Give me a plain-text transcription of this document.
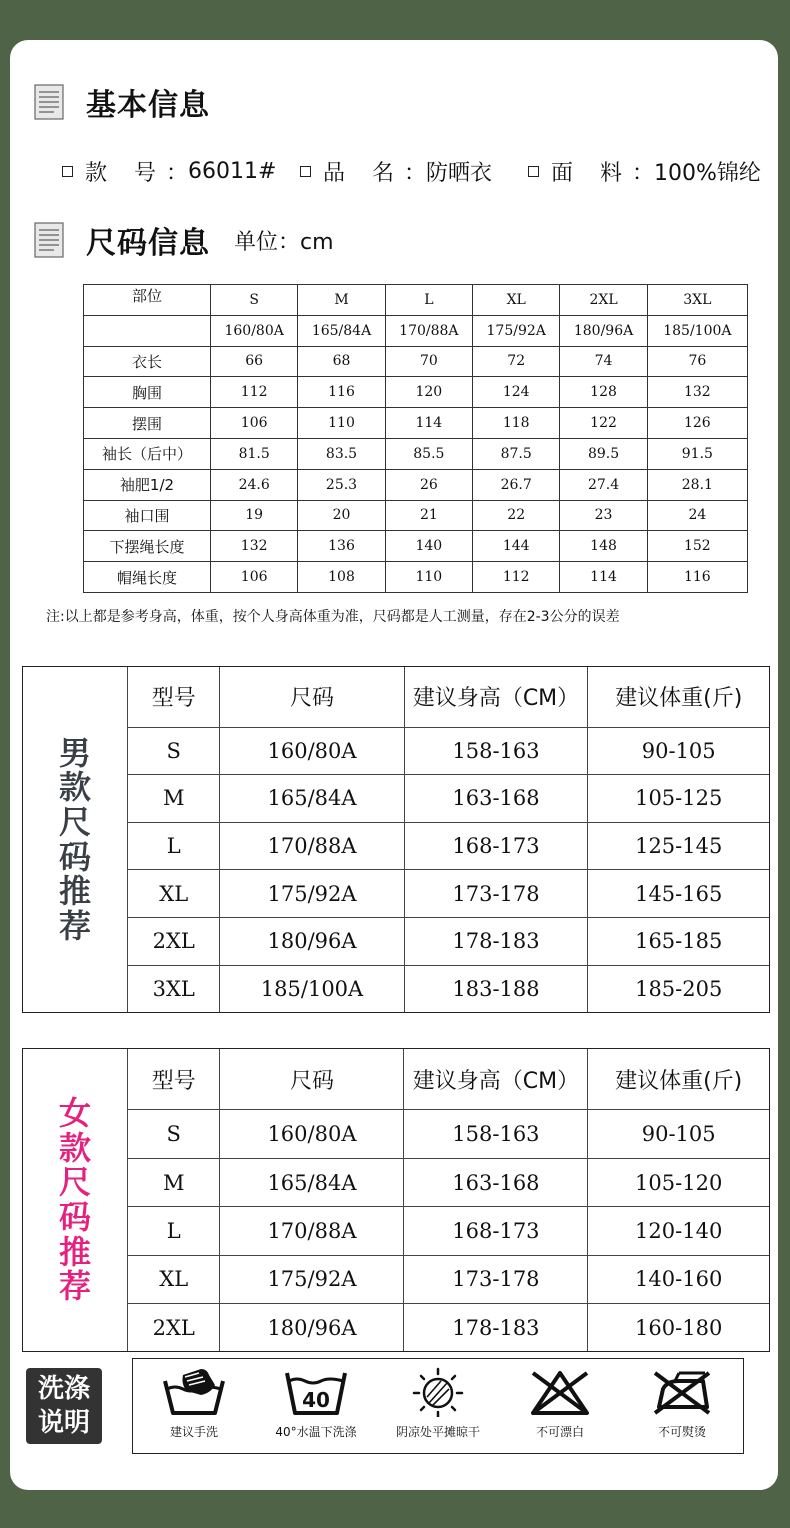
基本信息
款 号 ： 66011# 品 名 ： 防晒衣	面 料 ： 100%锦纶
尺码信息 单位：cm
部位	S	M	L	XL	2XL	3XL
	160/80A	165/84A	170/88A	175/92A	180/96A	185/100A
衣长	66	68	70	72	74	76
胸围	112	116	120	124	128	132
摆围	106	110	114	118	122	126
袖长（后中）	81.5	83.5	85.5	87.5	89.5	91.5
袖肥1/2	24.6	25.3	26	26.7	27.4	28.1
袖口围	19	20	21	22	23	24
下摆绳长度	132	136	140	144	148	152
帽绳长度	106	108	110	112	114	116
注:以上都是参考身高，体重，按个人身高体重为准，尺码都是人工测量，存在2-3公分的误差
男款尺码推荐
型号	尺码	建议身高（CM）	建议体重(斤)
S	160/80A	158-163	90-105
M	165/84A	163-168	105-125
L	170/88A	168-173	125-145
XL	175/92A	173-178	145-165
2XL	180/96A	178-183	165-185
3XL	185/100A	183-188	185-205
女款尺码推荐
型号	尺码	建议身高（CM）	建议体重(斤)
S	160/80A	158-163	90-105
M	165/84A	163-168	105-120
L	170/88A	168-173	120-140
XL	175/92A	173-178	140-160
2XL	180/96A	178-183	160-180
洗涤说明	建议手洗
40
40°水温下洗涤	阴凉处平摊晾干	不可漂白	不可熨烫
